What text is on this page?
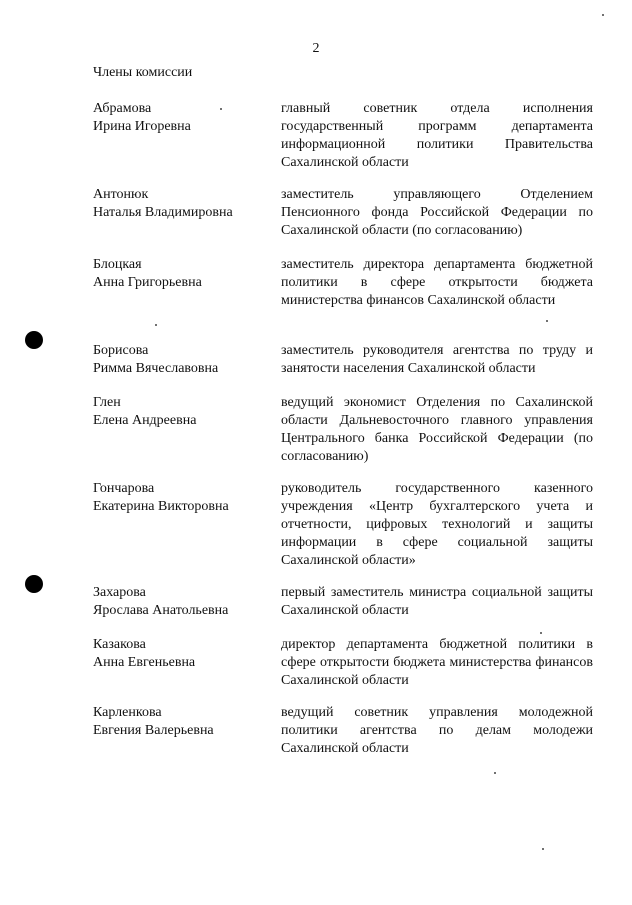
2
Члены комиссии
Абрамова
Ирина Игоревна
главный советник отдела исполнения государственный программ департамента информационной политики Правительства Сахалинской области
Антонюк
Наталья Владимировна
заместитель управляющего Отделением Пенсионного фонда Российской Федерации по Сахалинской области (по согласованию)
Блоцкая
Анна Григорьевна
заместитель директора департамента бюджетной политики в сфере открытости бюджета министерства финансов Сахалинской области
Борисова
Римма Вячеславовна
заместитель руководителя агентства по труду и занятости населения Сахалинской области
Глен
Елена Андреевна
ведущий экономист Отделения по Сахалинской области Дальневосточного главного управления Центрального банка Российской Федерации (по согласованию)
Гончарова
Екатерина Викторовна
руководитель государственного казенного учреждения «Центр бухгалтерского учета и отчетности, цифровых технологий и защиты информации в сфере социальной защиты Сахалинской области»
Захарова
Ярослава Анатольевна
первый заместитель министра социальной защиты Сахалинской области
Казакова
Анна Евгеньевна
директор департамента бюджетной политики в сфере открытости бюджета министерства финансов Сахалинской области
Карленкова
Евгения Валерьевна
ведущий советник управления молодежной политики агентства по делам молодежи Сахалинской области
